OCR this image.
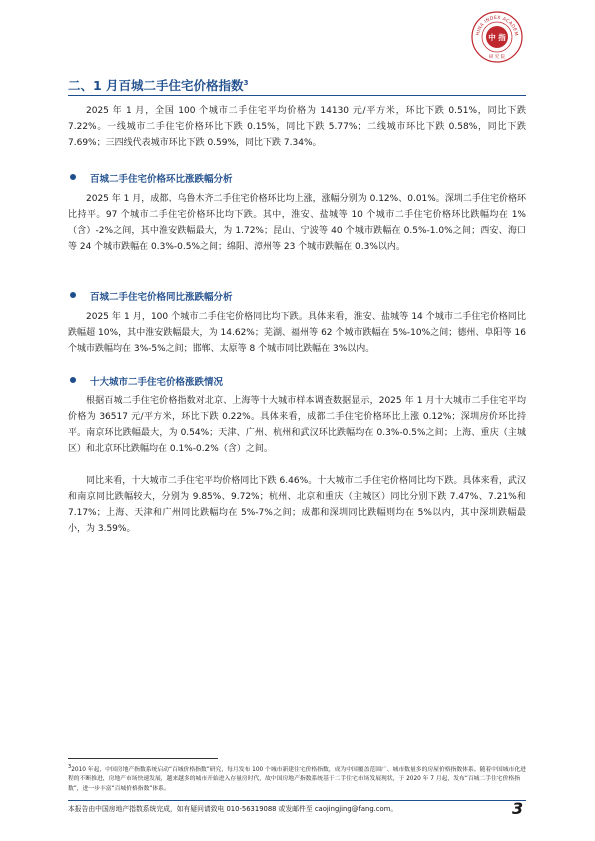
HINA INDEX ACADEM
中 指
研 究 院
二、1 月百城二手住宅价格指数$^3$

2025 年 1 月，全国 100 个城市二手住宅平均价格为 14130 元/平方米，环比下跌 0.51%，同比下跌 7.22%。一线城市二手住宅价格环比下跌 0.15%，同比下跌 5.77%；二线城市环比下跌 0.58%，同比下跌 7.69%；三四线代表城市环比下跌 0.59%，同比下跌 7.34%。

百城二手住宅价格环比涨跌幅分析

2025 年 1 月，成都、乌鲁木齐二手住宅价格环比均上涨，涨幅分别为 0.12%、0.01%。深圳二手住宅价格环比持平。97 个城市二手住宅价格环比均下跌。其中，淮安、盐城等 10 个城市二手住宅价格环比跌幅均在 1%（含）-2%之间，其中淮安跌幅最大，为 1.72%；昆山、宁波等 40 个城市跌幅在 0.5%-1.0%之间；西安、海口等 24 个城市跌幅在 0.3%-0.5%之间；绵阳、漳州等 23 个城市跌幅在 0.3%以内。

百城二手住宅价格同比涨跌幅分析

2025 年 1 月，100 个城市二手住宅价格同比均下跌。具体来看，淮安、盐城等 14 个城市二手住宅价格同比跌幅超 10%，其中淮安跌幅最大，为 14.62%；芜湖、福州等 62 个城市跌幅在 5%-10%之间；德州、阜阳等 16 个城市跌幅均在 3%-5%之间；邯郸、太原等 8 个城市同比跌幅在 3%以内。

十大城市二手住宅价格涨跌情况

根据百城二手住宅价格指数对北京、上海等十大城市样本调查数据显示，2025 年 1 月十大城市二手住宅平均价格为 36517 元/平方米，环比下跌 0.22%。具体来看，成都二手住宅价格环比上涨 0.12%；深圳房价环比持平。南京环比跌幅最大，为 0.54%；天津、广州、杭州和武汉环比跌幅均在 0.3%-0.5%之间；上海、重庆（主城区）和北京环比跌幅均在 0.1%-0.2%（含）之间。

同比来看，十大城市二手住宅平均价格同比下跌 6.46%。十大城市二手住宅价格同比均下跌。具体来看，武汉和南京同比跌幅较大，分别为 9.85%、9.72%；杭州、北京和重庆（主城区）同比分别下跌 7.47%、7.21%和 7.17%；上海、天津和广州同比跌幅均在 5%-7%之间；成都和深圳同比跌幅则均在 5%以内，其中深圳跌幅最小，为 3.59%。

$^3$2010 年起，中国房地产指数系统启动“百城价格指数”研究，每月发布 100 个城市新建住宅价格指数，成为中国覆盖范围广、城市数量多的房屋价格指数体系。随着中国城市化进程的不断推进，房地产市场快速发展，越来越多的城市开始进入存量房时代，故中国房地产指数系统基于二手住宅市场发展现状，于 2020 年 7 月起，发布“百城二手住宅价格指数”，进一步丰富“百城价格指数”体系。

本报告由中国房地产指数系统完成，如有疑问请致电 010-56319088 或发邮件至 caojingjing@fang.com。	3
